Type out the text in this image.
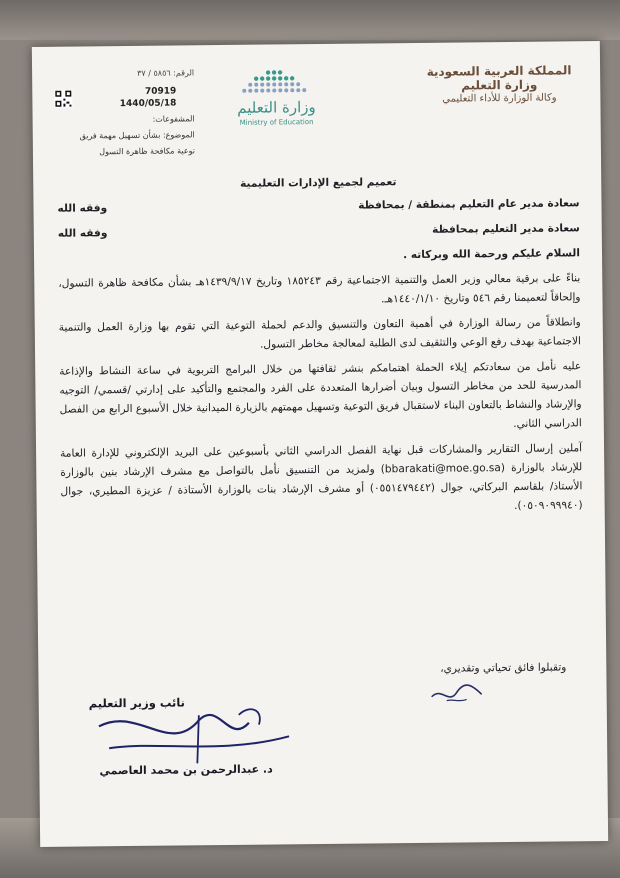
المملكة العربية السعودية
وزارة التعليم
وكالة الوزارة للأداء التعليمي
وزارة التعليم
Ministry of Education
الرقم: ٥٨٥٦ / ٣٧
70919
1440/05/18
المشفوعات:
الموضوع: بشأن تسهيل مهمة فريق
توعية مكافحة ظاهرة التسول
تعميم لجميع الإدارات التعليمية
سعادة مدير عام التعليم بمنطقة / بمحافظة
وفقه الله
سعادة مدير التعليم بمحافظة
وفقه الله
السلام عليكم ورحمة الله وبركاته .
بناءً على برقية معالي وزير العمل والتنمية الاجتماعية رقم ١٨٥٢٤٣ وتاريخ ١٤٣٩/٩/١٧هـ بشأن مكافحة ظاهرة التسول، وإلحاقاً لتعميمنا رقم ٥٤٦ وتاريخ ١٤٤٠/١/١٠هـ.
وانطلاقاً من رسالة الوزارة في أهمية التعاون والتنسيق والدعم لحملة التوعية التي تقوم بها وزارة العمل والتنمية الاجتماعية بهدف رفع الوعي والتثقيف لدى الطلبة لمعالجة مخاطر التسول.
عليه نأمل من سعادتكم إيلاء الحملة اهتمامكم بنشر ثقافتها من خلال البرامج التربوية في ساعة النشاط والإذاعة المدرسية للحد من مخاطر التسول وبيان أضرارها المتعددة على الفرد والمجتمع والتأكيد على إدارتي /قسمي/ التوجيه والإرشاد والنشاط بالتعاون البناء لاستقبال فريق التوعية وتسهيل مهمتهم بالزيارة الميدانية خلال الأسبوع الرابع من الفصل الدراسي الثاني.
آملين إرسال التقارير والمشاركات قبل نهاية الفصل الدراسي الثاني بأسبوعين على البريد الإلكتروني للإدارة العامة للإرشاد بالوزارة (bbarakati@moe.go.sa) ولمزيد من التنسيق نأمل بالتواصل مع مشرف الإرشاد بنين بالوزارة الأستاذ/ بلقاسم البركاتي، جوال (٠٥٥١٤٧٩٤٤٢) أو مشرف الإرشاد بنات بالوزارة الأستاذة / عزيزة المطيري، جوال (٠٥٠٩٠٩٩٩٤٠).
وتقبلوا فائق تحياتي وتقديري،
نائب وزير التعليم
د. عبدالرحمن بن محمد العاصمي
